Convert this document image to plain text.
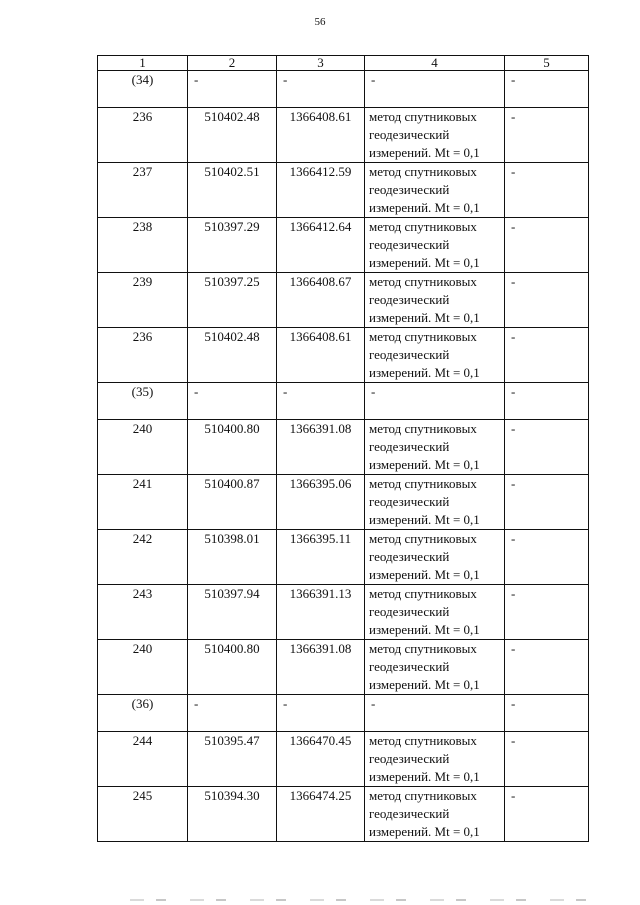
56
1	2	3	4	5
(34)	-	-	-	-
236	510402.48	1366408.61	метод спутниковых геодезический измерений. Mt = 0,1	-
237	510402.51	1366412.59	метод спутниковых геодезический измерений. Mt = 0,1	-
238	510397.29	1366412.64	метод спутниковых геодезический измерений. Mt = 0,1	-
239	510397.25	1366408.67	метод спутниковых геодезический измерений. Mt = 0,1	-
236	510402.48	1366408.61	метод спутниковых геодезический измерений. Mt = 0,1	-
(35)	-	-	-	-
240	510400.80	1366391.08	метод спутниковых геодезический измерений. Mt = 0,1	-
241	510400.87	1366395.06	метод спутниковых геодезический измерений. Mt = 0,1	-
242	510398.01	1366395.11	метод спутниковых геодезический измерений. Mt = 0,1	-
243	510397.94	1366391.13	метод спутниковых геодезический измерений. Mt = 0,1	-
240	510400.80	1366391.08	метод спутниковых геодезический измерений. Mt = 0,1	-
(36)	-	-	-	-
244	510395.47	1366470.45	метод спутниковых геодезический измерений. Mt = 0,1	-
245	510394.30	1366474.25	метод спутниковых геодезический измерений. Mt = 0,1	-
